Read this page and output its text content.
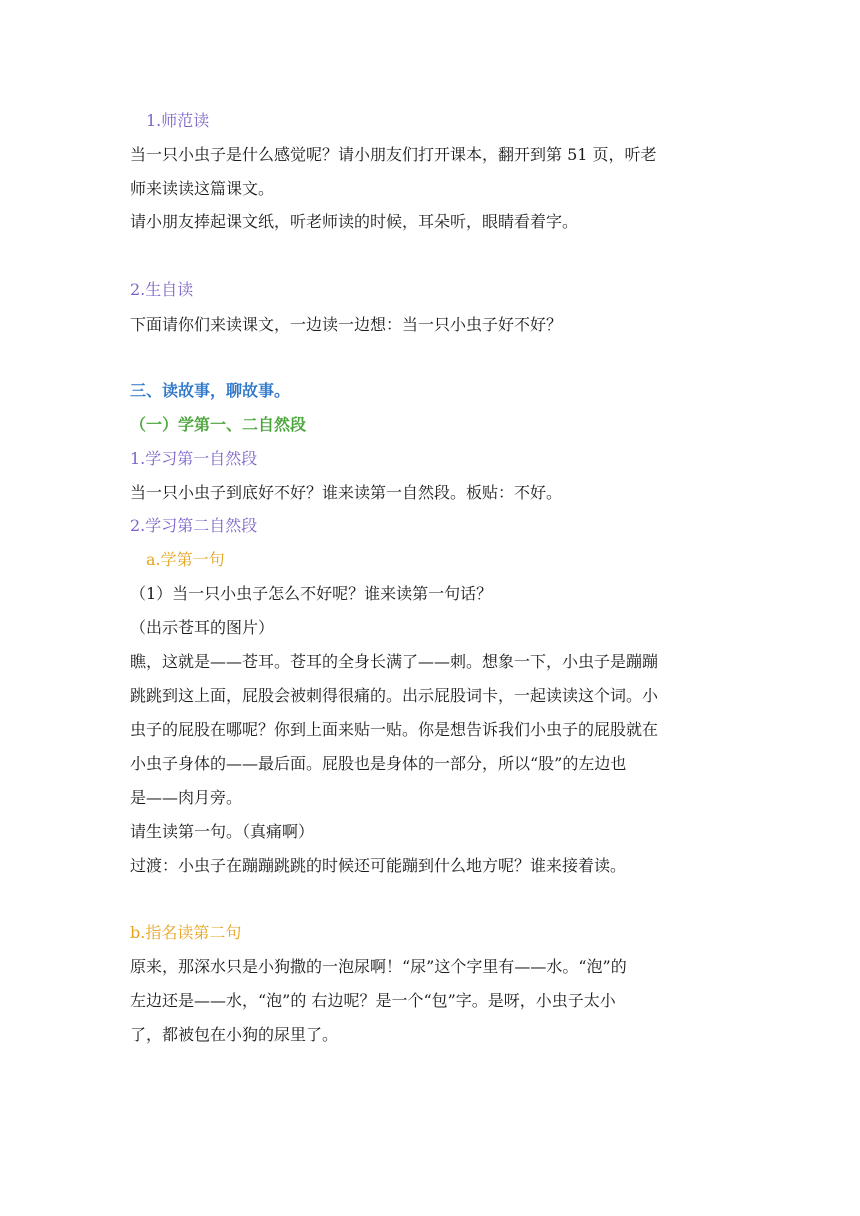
1.师范读
当一只小虫子是什么感觉呢？请小朋友们打开课本，翻开到第 51 页，听老
师来读读这篇课文。
请小朋友捧起课文纸，听老师读的时候，耳朵听，眼睛看着字。
2.生自读
下面请你们来读课文，一边读一边想：当一只小虫子好不好？
三、读故事，聊故事。
（一）学第一、二自然段
1.学习第一自然段
当一只小虫子到底好不好？谁来读第一自然段。板贴：不好。
2.学习第二自然段
a.学第一句
（1）当一只小虫子怎么不好呢？谁来读第一句话？
（出示苍耳的图片）
瞧，这就是——苍耳。苍耳的全身长满了——刺。想象一下，小虫子是蹦蹦
跳跳到这上面，屁股会被刺得很痛的。出示屁股词卡，一起读读这个词。小
虫子的屁股在哪呢？你到上面来贴一贴。你是想告诉我们小虫子的屁股就在
小虫子身体的——最后面。屁股也是身体的一部分，所以“股”的左边也
是——肉月旁。
请生读第一句。（真痛啊）
过渡：小虫子在蹦蹦跳跳的时候还可能蹦到什么地方呢？谁来接着读。
b.指名读第二句
原来，那深水只是小狗撒的一泡尿啊！“尿”这个字里有——水。“泡”的
左边还是——水，“泡”的 右边呢？是一个“包”字。是呀，小虫子太小
了，都被包在小狗的尿里了。
